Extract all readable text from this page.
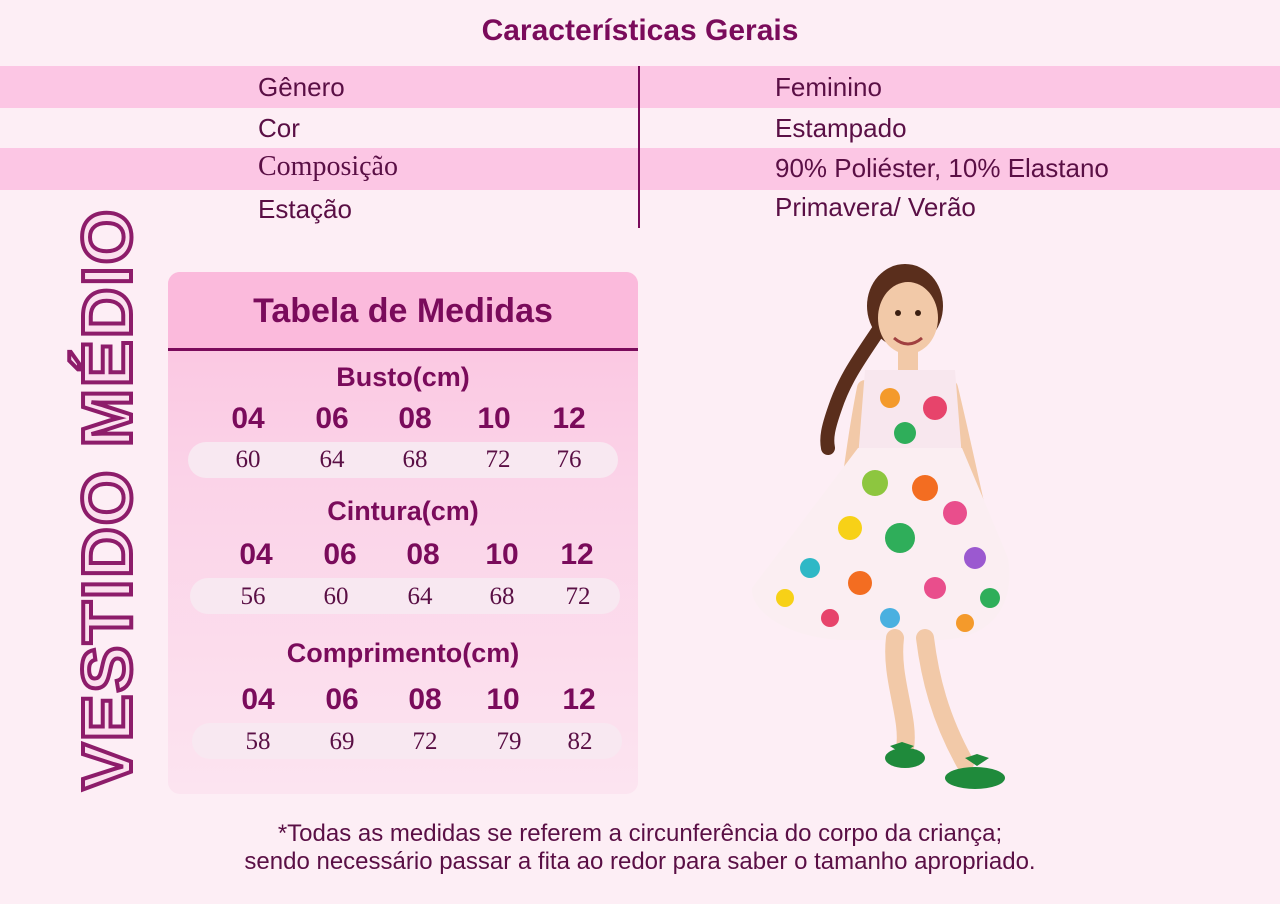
Características Gerais
Gênero	Feminino
Cor	Estampado
Composição	90% Poliéster, 10% Elastano
Estação	Primavera/ Verão
VESTIDO MÉDIO	Tabela de Medidas
Busto(cm)
04	06	08	10	12
60	64	68	72	76
Cintura(cm)
04	06	08	10	12
56	60	64	68	72
Comprimento(cm)
04	06	08	10	12
58	69	72	79	82
*Todas as medidas se referem a circunferência do corpo da criança;
sendo necessário passar a fita ao redor para saber o tamanho apropriado.
